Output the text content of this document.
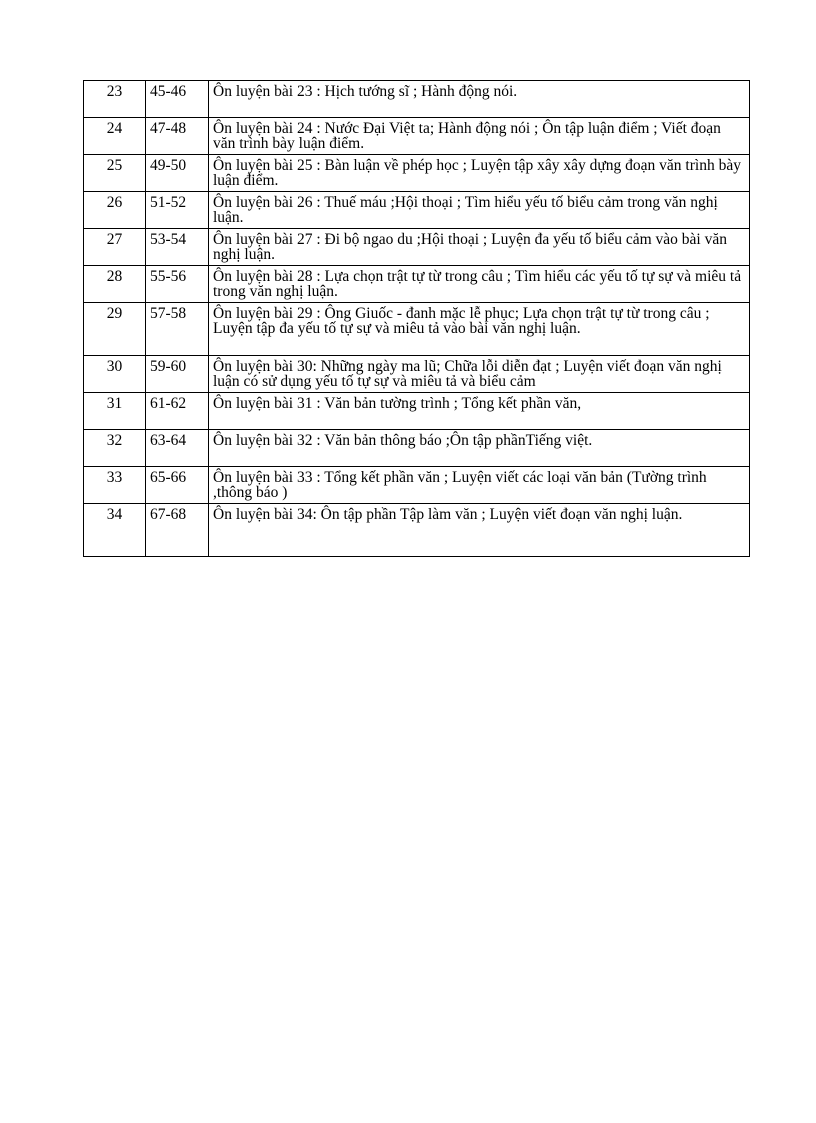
23	45-46	Ôn luyện bài 23 : Hịch tướng sĩ ; Hành động nói.
24	47-48	Ôn luyện bài 24 : Nước Đại Việt ta; Hành động nói ; Ôn tập luận điểm ; Viết đoạn văn trình bày luận điểm.
25	49-50	Ôn luyện bài 25 : Bàn luận về phép học ; Luyện tập xây xây dựng đoạn văn trình bày luận điểm.
26	51-52	Ôn luyện bài 26 : Thuế máu ;Hội thoại ; Tìm hiểu yếu tố biểu cảm trong văn nghị luận.
27	53-54	Ôn luyện bài 27 : Đi bộ ngao du ;Hội thoại ; Luyện đa yếu tố biểu cảm vào bài văn nghị luận.
28	55-56	Ôn luyện bài 28 : Lựa chọn trật tự từ trong câu ; Tìm hiểu các yếu tố tự sự và miêu tả trong văn nghị luận.
29	57-58	Ôn luyện bài 29 : Ông Giuốc - đanh mặc lễ phục; Lựa chọn trật tự từ trong câu ; Luyện tập đa yếu tố tự sự và miêu tả vào bài văn nghị luận.
30	59-60	Ôn luyện bài 30: Những ngày ma lũ; Chữa lỗi diễn đạt ; Luyện viết đoạn văn nghị luận có sử dụng yếu tố tự sự và miêu tả và biểu cảm
31	61-62	Ôn luyện bài 31 : Văn bản tường trình ; Tổng kết phần văn,
32	63-64	Ôn luyện bài 32 : Văn bản thông báo ;Ôn tập phầnTiếng việt.
33	65-66	Ôn luyện bài 33 : Tổng kết phần văn ; Luyện viết các loại văn bản (Tường trình ,thông báo )
34	67-68	Ôn luyện bài 34: Ôn tập phần Tập làm văn ; Luyện viết đoạn văn nghị luận.
